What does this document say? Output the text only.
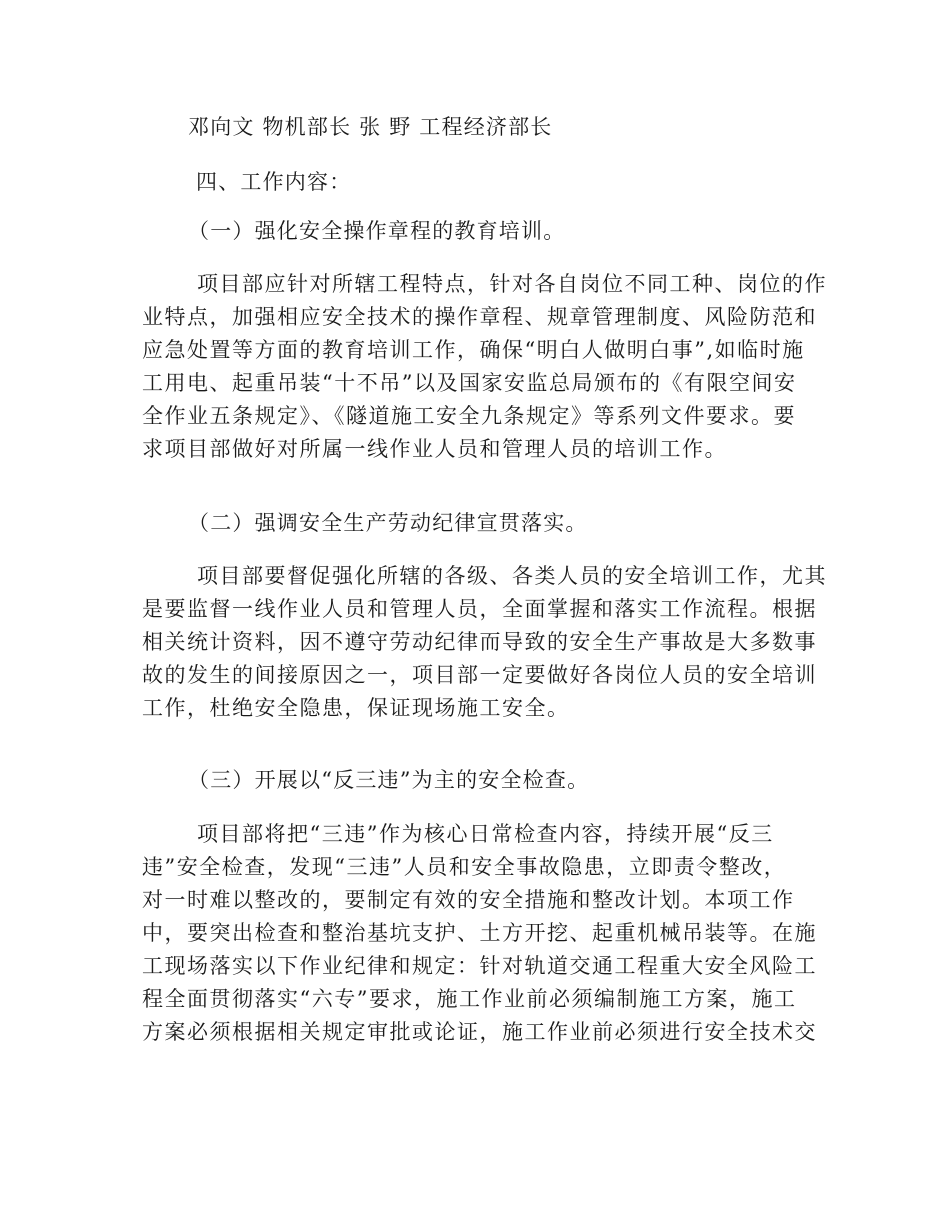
邓向文 物机部长 张 野 工程经济部长
四、工作内容：
（一）强化安全操作章程的教育培训。
项目部应针对所辖工程特点，针对各自岗位不同工种、岗位的作
业特点，加强相应安全技术的操作章程、规章管理制度、风险防范和
应急处置等方面的教育培训工作，确保“明白人做明白事”,如临时施
工用电、起重吊装“十不吊”以及国家安监总局颁布的《有限空间安
全作业五条规定》、《隧道施工安全九条规定》等系列文件要求。要
求项目部做好对所属一线作业人员和管理人员的培训工作。
（二）强调安全生产劳动纪律宣贯落实。
项目部要督促强化所辖的各级、各类人员的安全培训工作，尤其
是要监督一线作业人员和管理人员，全面掌握和落实工作流程。根据
相关统计资料，因不遵守劳动纪律而导致的安全生产事故是大多数事
故的发生的间接原因之一，项目部一定要做好各岗位人员的安全培训
工作，杜绝安全隐患，保证现场施工安全。
（三）开展以“反三违”为主的安全检查。
项目部将把“三违”作为核心日常检查内容，持续开展“反三
违”安全检查，发现“三违”人员和安全事故隐患，立即责令整改，
对一时难以整改的，要制定有效的安全措施和整改计划。本项工作
中，要突出检查和整治基坑支护、土方开挖、起重机械吊装等。在施
工现场落实以下作业纪律和规定：针对轨道交通工程重大安全风险工
程全面贯彻落实“六专”要求，施工作业前必须编制施工方案，施工
方案必须根据相关规定审批或论证，施工作业前必须进行安全技术交
